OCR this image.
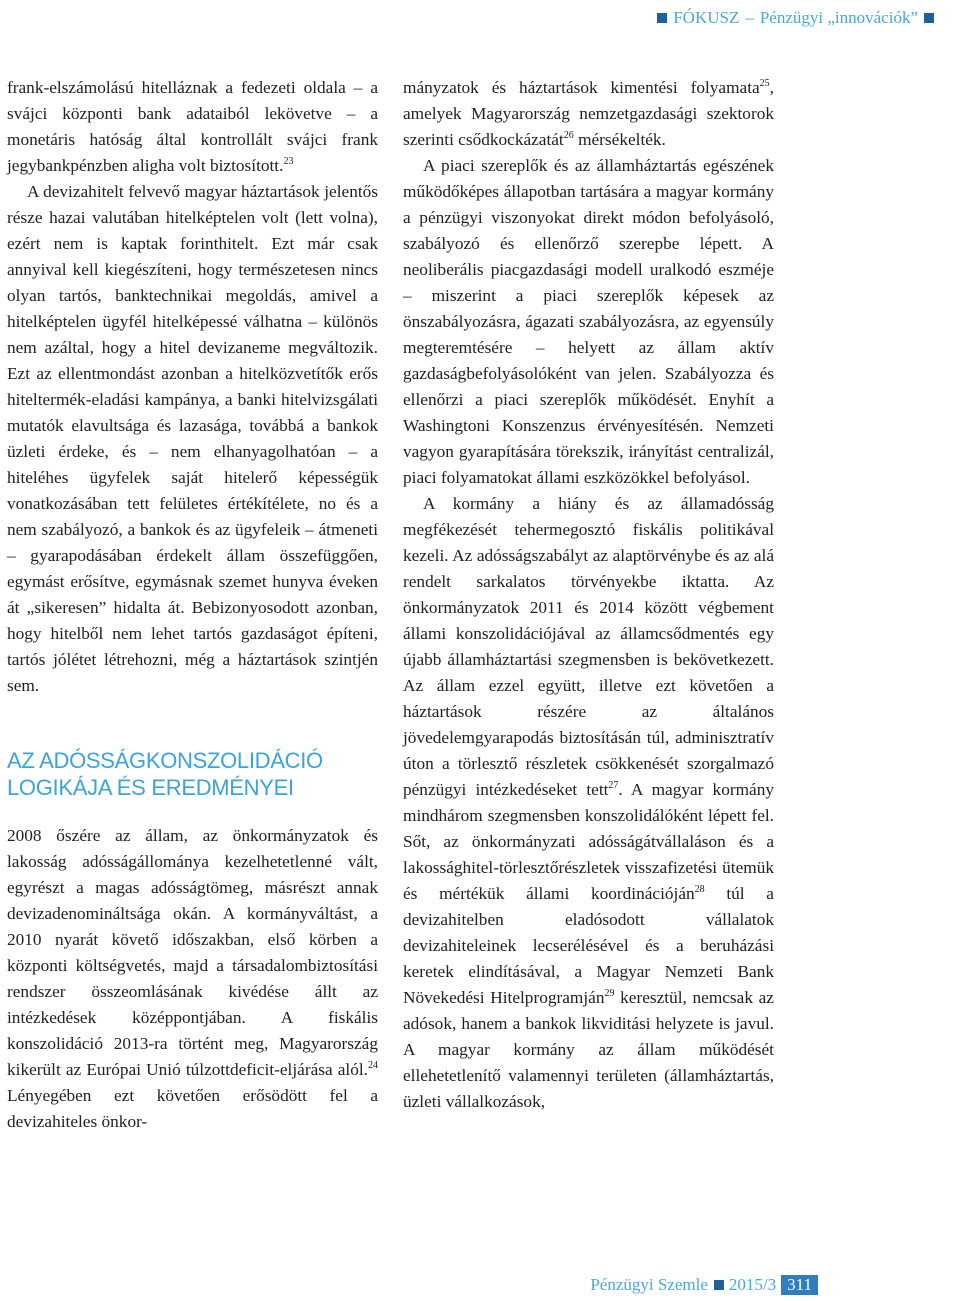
FÓKUSZ – Pénzügyi „innovációk”

frank-elszámolású hitelláznak a fedezeti oldala – a svájci központi bank adataiból lekövetve – a monetáris hatóság által kontrollált svájci frank jegybankpénzben aligha volt biztosított.$^{23}$

A devizahitelt felvevő magyar háztartások jelentős része hazai valutában hitelképtelen volt (lett volna), ezért nem is kaptak forinthitelt. Ezt már csak annyival kell kiegészíteni, hogy természetesen nincs olyan tartós, banktechnikai megoldás, amivel a hitelképtelen ügyfél hitelképessé válhatna – különös nem azáltal, hogy a hitel devizaneme megváltozik. Ezt az ellentmondást azonban a hitelközvetítők erős hiteltermék-eladási kampánya, a banki hitelvizsgálati mutatók elavultsága és lazasága, továbbá a bankok üzleti érdeke, és – nem elhanyagolhatóan – a hiteléhes ügyfelek saját hitelerő képességük vonatkozásában tett felületes értékítélete, no és a nem szabályozó, a bankok és az ügyfeleik – átmeneti – gyarapodásában érdekelt állam összefüggően, egymást erősítve, egymásnak szemet hunyva éveken át „sikeresen” hidalta át. Bebizonyosodott azonban, hogy hitelből nem lehet tartós gazdaságot építeni, tartós jólétet létrehozni, még a háztartások szintjén sem.

AZ ADÓSSÁGKONSZOLIDÁCIÓ LOGIKÁJA ÉS EREDMÉNYEI

2008 őszére az állam, az önkormányzatok és lakosság adósságállománya kezelhetetlenné vált, egyrészt a magas adósságtömeg, másrészt annak devizadenomináltsága okán. A kormányváltást, a 2010 nyarát követő időszakban, első körben a központi költségvetés, majd a társadalombiztosítási rendszer összeomlásának kivédése állt az intézkedések középpontjában. A fiskális konszolidáció 2013-ra történt meg, Magyarország kikerült az Európai Unió túlzottdeficit-eljárása alól.$^{24}$ Lényegében ezt követően erősödött fel a devizahiteles önkor-

mányzatok és háztartások kimentési folyamata$^{25}$, amelyek Magyarország nemzetgazdasági szektorok szerinti csődkockázatát$^{26}$ mérsékelték.

A piaci szereplők és az államháztartás egészének működőképes állapotban tartására a magyar kormány a pénzügyi viszonyokat direkt módon befolyásoló, szabályozó és ellenőrző szerepbe lépett. A neoliberális piacgazdasági modell uralkodó eszméje – miszerint a piaci szereplők képesek az önszabályozásra, ágazati szabályozásra, az egyensúly megteremtésére – helyett az állam aktív gazdaságbefolyásolóként van jelen. Szabályozza és ellenőrzi a piaci szereplők működését. Enyhít a Washingtoni Konszenzus érvényesítésén. Nemzeti vagyon gyarapítására törekszik, irányítást centralizál, piaci folyamatokat állami eszközökkel befolyásol.

A kormány a hiány és az államadósság megfékezését tehermegosztó fiskális politikával kezeli. Az adósságszabályt az alaptörvénybe és az alá rendelt sarkalatos törvényekbe iktatta. Az önkormányzatok 2011 és 2014 között végbement állami konszolidációjával az államcsődmentés egy újabb államháztartási szegmensben is bekövetkezett. Az állam ezzel együtt, illetve ezt követően a háztartások részére az általános jövedelemgyarapodás biztosításán túl, adminisztratív úton a törlesztő részletek csökkenését szorgalmazó pénzügyi intézkedéseket tett$^{27}$. A magyar kormány mindhárom szegmensben konszolidálóként lépett fel. Sőt, az önkormányzati adósságátvállaláson és a lakossághitel-törlesztőrészletek visszafizetési ütemük és mértékük állami koordinációján$^{28}$ túl a devizahitelben eladósodott vállalatok devizahiteleinek lecserélésével és a beruházási keretek elindításával, a Magyar Nemzeti Bank Növekedési Hitelprogramján$^{29}$ keresztül, nemcsak az adósok, hanem a bankok likviditási helyzete is javul. A magyar kormány az állam működését ellehetetlenítő valamennyi területen (államháztartás, üzleti vállalkozások,

Pénzügyi Szemle 2015/3 311
